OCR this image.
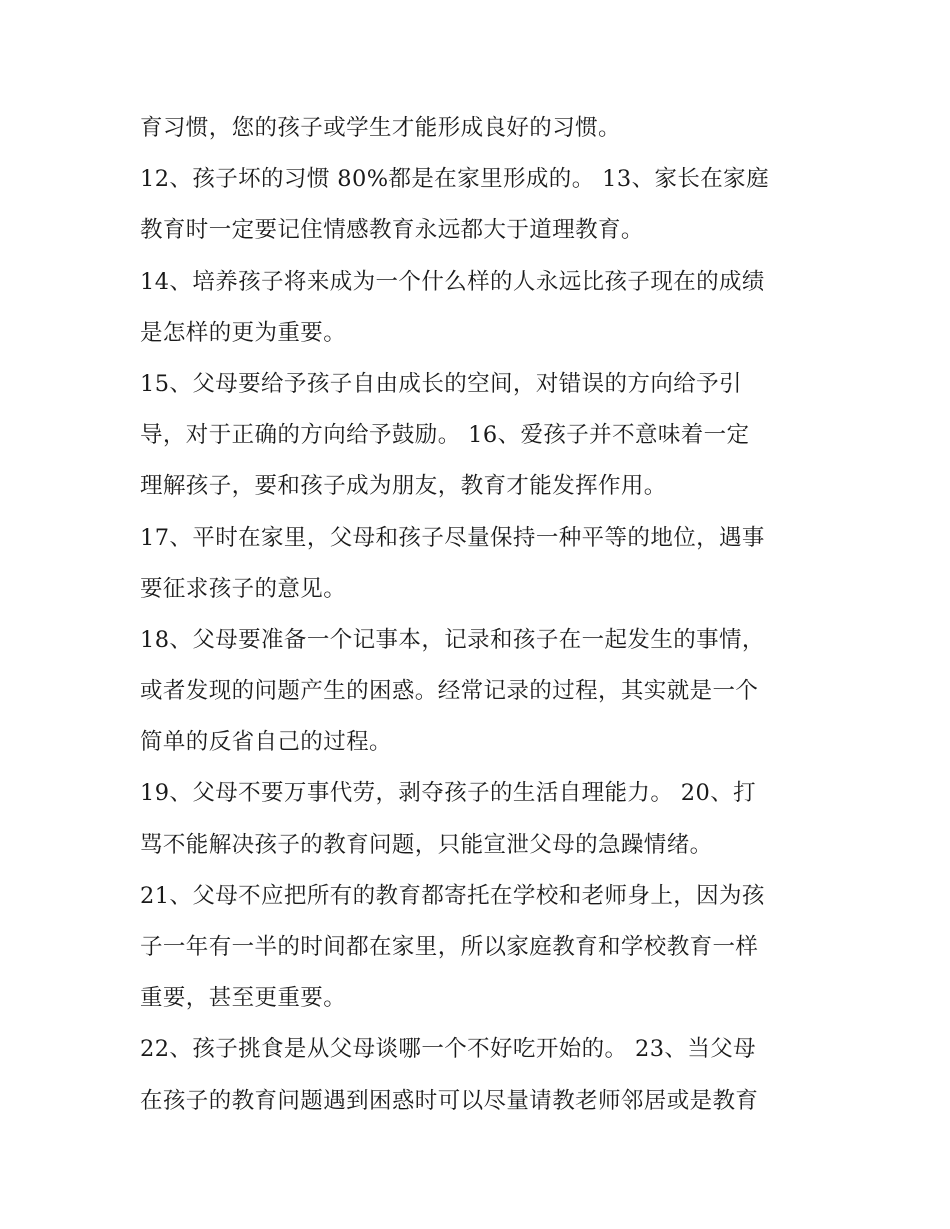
育习惯，您的孩子或学生才能形成良好的习惯。
12、孩子坏的习惯 80%都是在家里形成的。 13、家长在家庭
教育时一定要记住情感教育永远都大于道理教育。
14、培养孩子将来成为一个什么样的人永远比孩子现在的成绩
是怎样的更为重要。
15、父母要给予孩子自由成长的空间，对错误的方向给予引
导，对于正确的方向给予鼓励。 16、爱孩子并不意味着一定
理解孩子，要和孩子成为朋友，教育才能发挥作用。
17、平时在家里，父母和孩子尽量保持一种平等的地位，遇事
要征求孩子的意见。
18、父母要准备一个记事本，记录和孩子在一起发生的事情，
或者发现的问题产生的困惑。经常记录的过程，其实就是一个
简单的反省自己的过程。
19、父母不要万事代劳，剥夺孩子的生活自理能力。 20、打
骂不能解决孩子的教育问题，只能宣泄父母的急躁情绪。
21、父母不应把所有的教育都寄托在学校和老师身上，因为孩
子一年有一半的时间都在家里，所以家庭教育和学校教育一样
重要，甚至更重要。
22、孩子挑食是从父母谈哪一个不好吃开始的。 23、当父母
在孩子的教育问题遇到困惑时可以尽量请教老师邻居或是教育
